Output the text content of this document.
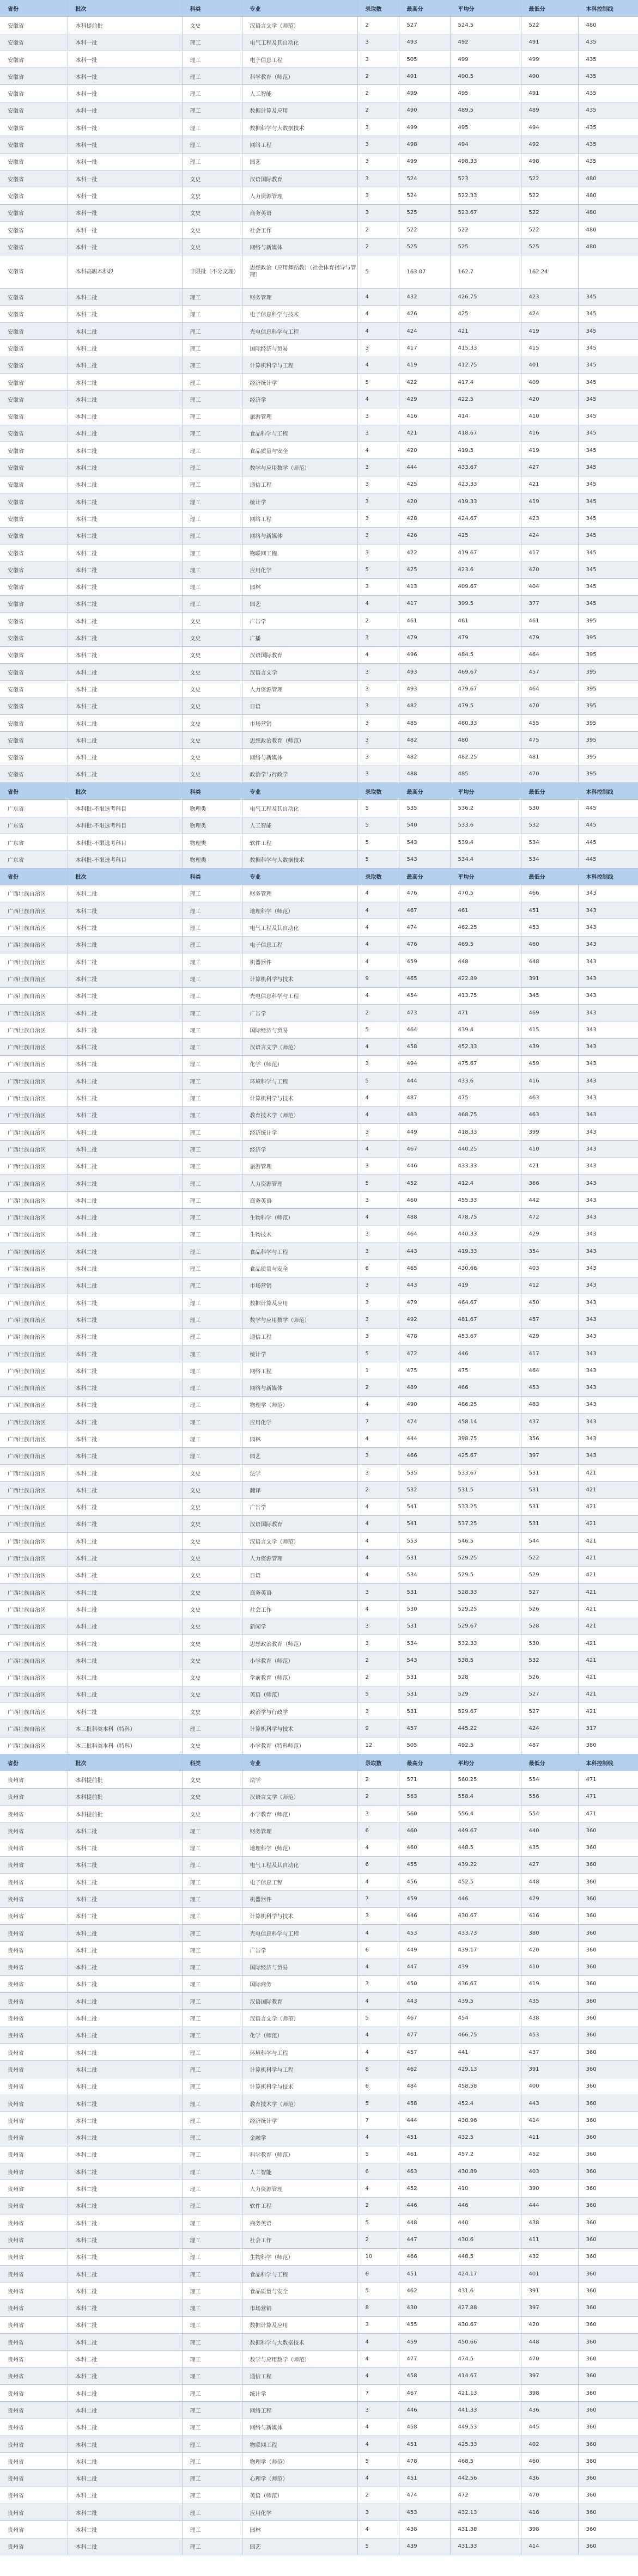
省份	批次	科类	专业	录取数	最高分	平均分	最低分	本科控制线
安徽省	本科提前批	文史	汉语言文学（师范）	2	527	524.5	522	480
安徽省	本科一批	理工	电气工程及其自动化	3	493	492	491	435
安徽省	本科一批	理工	电子信息工程	3	505	499	499	435
安徽省	本科一批	理工	科学教育（师范）	2	491	490.5	490	435
安徽省	本科一批	理工	人工智能	2	499	495	491	435
安徽省	本科一批	理工	数据计算及应用	2	490	489.5	489	435
安徽省	本科一批	理工	数据科学与大数据技术	3	499	495	494	435
安徽省	本科一批	理工	网络工程	3	498	494	492	435
安徽省	本科一批	理工	园艺	3	499	498.33	498	435
安徽省	本科一批	文史	汉语国际教育	3	524	523	522	480
安徽省	本科一批	文史	人力资源管理	3	524	522.33	522	480
安徽省	本科一批	文史	商务英语	3	525	523.67	522	480
安徽省	本科一批	文史	社会工作	2	522	522	522	480
安徽省	本科一批	文史	网络与新媒体	2	525	525	525	480
安徽省	本科高职本科段	非限批（不分文理）	思想政治（应用舞蹈教）（社会体育指导与管理）	5	163.07	162.7	162.24	
安徽省	本科二批	理工	财务管理	4	432	426.75	423	345
安徽省	本科二批	理工	电子信息科学与技术	4	426	425	424	345
安徽省	本科二批	理工	光电信息科学与工程	4	424	421	419	345
安徽省	本科二批	理工	国际经济与贸易	3	417	415.33	415	345
安徽省	本科二批	理工	计算机科学与工程	4	419	412.75	401	345
安徽省	本科二批	理工	经济统计学	5	422	417.4	409	345
安徽省	本科二批	理工	经济学	4	429	422.5	420	345
安徽省	本科二批	理工	旅游管理	3	416	414	410	345
安徽省	本科二批	理工	食品科学与工程	3	421	418.67	416	345
安徽省	本科二批	理工	食品质量与安全	4	420	419.5	419	345
安徽省	本科二批	理工	数学与应用数学（师范）	3	444	433.67	427	345
安徽省	本科二批	理工	通信工程	3	425	423.33	421	345
安徽省	本科二批	理工	统计学	3	420	419.33	419	345
安徽省	本科二批	理工	网络工程	3	428	424.67	423	345
安徽省	本科二批	理工	网络与新媒体	3	426	425	424	345
安徽省	本科二批	理工	物联网工程	3	422	419.67	417	345
安徽省	本科二批	理工	应用化学	5	425	423.6	420	345
安徽省	本科二批	理工	园林	3	413	409.67	404	345
安徽省	本科二批	理工	园艺	4	417	399.5	377	345
安徽省	本科二批	文史	广告学	2	461	461	461	395
安徽省	本科二批	文史	广播	3	479	479	479	395
安徽省	本科二批	文史	汉语国际教育	4	496	484.5	464	395
安徽省	本科二批	文史	汉语言文学	3	493	469.67	457	395
安徽省	本科二批	文史	人力资源管理	3	493	479.67	464	395
安徽省	本科二批	文史	日语	3	482	479.5	470	395
安徽省	本科二批	文史	市场营销	3	485	480.33	455	395
安徽省	本科二批	文史	思想政治教育（师范）	3	482	480	475	395
安徽省	本科二批	文史	网络与新媒体	3	482	482.25	481	395
安徽省	本科二批	文史	政治学与行政学	3	488	485	470	395
省份	批次	科类	专业	录取数	最高分	平均分	最低分	本科控制线
广东省	本科批-不限选考科目	物理类	电气工程及其自动化	5	535	536.2	530	445
广东省	本科批-不限选考科目	物理类	人工智能	5	540	533.6	532	445
广东省	本科批-不限选考科目	物理类	软件工程	5	543	539.4	534	445
广东省	本科批-不限选考科目	物理类	数据科学与大数据技术	5	543	534.4	534	445
省份	批次	科类	专业	录取数	最高分	平均分	最低分	本科控制线
广西壮族自治区	本科二批	理工	财务管理	4	476	470.5	466	343
广西壮族自治区	本科二批	理工	地理科学（师范）	4	467	461	451	343
广西壮族自治区	本科二批	理工	电气工程及其自动化	4	474	462.25	453	343
广西壮族自治区	本科二批	理工	电子信息工程	4	476	469.5	460	343
广西壮族自治区	本科二批	理工	机器器件	4	459	448	448	343
广西壮族自治区	本科二批	理工	计算机科学与技术	9	465	422.89	391	343
广西壮族自治区	本科二批	理工	光电信息科学与工程	4	454	413.75	345	343
广西壮族自治区	本科二批	理工	广告学	2	473	471	469	343
广西壮族自治区	本科二批	理工	国际经济与贸易	5	464	439.4	415	343
广西壮族自治区	本科二批	理工	汉语言文学（师范）	4	458	452.33	439	343
广西壮族自治区	本科二批	理工	化学（师范）	3	494	475.67	459	343
广西壮族自治区	本科二批	理工	环境科学与工程	5	444	433.6	416	343
广西壮族自治区	本科二批	理工	计算机科学与技术	4	487	475	463	343
广西壮族自治区	本科二批	理工	教育技术学（师范）	4	483	468.75	463	343
广西壮族自治区	本科二批	理工	经济统计学	3	449	418.33	399	343
广西壮族自治区	本科二批	理工	经济学	4	467	440.25	410	343
广西壮族自治区	本科二批	理工	旅游管理	3	446	433.33	421	343
广西壮族自治区	本科二批	理工	人力资源管理	5	452	412.4	366	343
广西壮族自治区	本科二批	理工	商务英语	3	460	455.33	442	343
广西壮族自治区	本科二批	理工	生物科学（师范）	4	488	478.75	472	343
广西壮族自治区	本科二批	理工	生物技术	3	464	440.33	429	343
广西壮族自治区	本科二批	理工	食品科学与工程	3	443	419.33	354	343
广西壮族自治区	本科二批	理工	食品质量与安全	6	465	430.66	403	343
广西壮族自治区	本科二批	理工	市场营销	3	443	419	412	343
广西壮族自治区	本科二批	理工	数据计算及应用	3	479	464.67	450	343
广西壮族自治区	本科二批	理工	数学与应用数学（师范）	3	492	481.67	457	343
广西壮族自治区	本科二批	理工	通信工程	3	478	453.67	429	343
广西壮族自治区	本科二批	理工	统计学	5	472	446	417	343
广西壮族自治区	本科二批	理工	网络工程	1	475	475	464	343
广西壮族自治区	本科二批	理工	网络与新媒体	2	489	466	453	343
广西壮族自治区	本科二批	理工	物理学（师范）	4	490	486.25	483	343
广西壮族自治区	本科二批	理工	应用化学	7	474	458.14	437	343
广西壮族自治区	本科二批	理工	园林	4	444	398.75	356	343
广西壮族自治区	本科二批	理工	园艺	3	466	425.67	397	343
广西壮族自治区	本科二批	文史	法学	3	535	533.67	531	421
广西壮族自治区	本科二批	文史	翻译	2	532	531.5	531	421
广西壮族自治区	本科二批	文史	广告学	4	541	533.25	531	421
广西壮族自治区	本科二批	文史	汉语国际教育	4	541	537.25	531	421
广西壮族自治区	本科二批	文史	汉语言文学（师范）	4	553	546.5	544	421
广西壮族自治区	本科二批	文史	人力资源管理	4	531	529.25	522	421
广西壮族自治区	本科二批	文史	日语	4	534	529.5	529	421
广西壮族自治区	本科二批	文史	商务英语	3	531	528.33	527	421
广西壮族自治区	本科二批	文史	社会工作	4	530	529.25	526	421
广西壮族自治区	本科二批	文史	新闻学	3	531	529.67	528	421
广西壮族自治区	本科二批	文史	思想政治教育（师范）	3	534	532.33	530	421
广西壮族自治区	本科二批	文史	小学教育（师范）	2	543	538.5	532	421
广西壮族自治区	本科二批	文史	学前教育（师范）	2	531	528	526	421
广西壮族自治区	本科二批	文史	英语（师范）	5	531	529	527	421
广西壮族自治区	本科二批	文史	政治学与行政学	3	531	529.67	527	421
广西壮族自治区	本三批科类本科（特科）	理工	计算机科学与技术	9	457	445.22	424	317
广西壮族自治区	本三批科类本科（特科）	文史	小学教育（特科师范）	12	505	492.5	487	380
省份	批次	科类	专业	录取数	最高分	平均分	最低分	本科控制线
贵州省	本科提前批	文史	法学	2	571	560.25	554	471
贵州省	本科提前批	文史	汉语言文学（师范）	2	563	558.4	556	471
贵州省	本科提前批	文史	小学教育（师范）	3	560	556.4	554	471
贵州省	本科二批	理工	财务管理	6	460	449.67	440	360
贵州省	本科二批	理工	地理科学（师范）	4	460	448.5	435	360
贵州省	本科二批	理工	电气工程及其自动化	6	455	439.22	427	360
贵州省	本科二批	理工	电子信息工程	4	456	452.5	448	360
贵州省	本科二批	理工	机器器件	7	459	446	429	360
贵州省	本科二批	理工	计算机科学与技术	3	446	430.67	416	360
贵州省	本科二批	理工	光电信息科学与工程	4	453	433.73	380	360
贵州省	本科二批	理工	广告学	6	449	439.17	420	360
贵州省	本科二批	理工	国际经济与贸易	4	447	439	410	360
贵州省	本科二批	理工	国际商务	3	450	436.67	419	360
贵州省	本科二批	理工	汉语国际教育	4	443	439.5	435	360
贵州省	本科二批	理工	汉语言文学（师范）	5	467	454	438	360
贵州省	本科二批	理工	化学（师范）	4	477	466.75	453	360
贵州省	本科二批	理工	环境科学与工程	4	457	441	437	360
贵州省	本科二批	理工	计算机科学与工程	8	462	429.13	391	360
贵州省	本科二批	理工	计算机科学与技术	6	484	458.58	400	360
贵州省	本科二批	理工	教育技术学（师范）	5	458	452.4	443	360
贵州省	本科二批	理工	经济统计学	7	444	438.96	414	360
贵州省	本科二批	理工	金融学	4	451	432.5	411	360
贵州省	本科二批	理工	科学教育（师范）	5	461	457.2	452	360
贵州省	本科二批	理工	人工智能	6	463	430.89	403	360
贵州省	本科二批	理工	人力资源管理	4	452	410	390	360
贵州省	本科二批	理工	软件工程	2	446	446	444	360
贵州省	本科二批	理工	商务英语	5	448	440	438	360
贵州省	本科二批	理工	社会工作	2	447	430.6	411	360
贵州省	本科二批	理工	生物科学（师范）	10	466	448.5	432	360
贵州省	本科二批	理工	食品科学与工程	6	451	424.17	401	360
贵州省	本科二批	理工	食品质量与安全	5	462	431.6	391	360
贵州省	本科二批	理工	市场营销	8	430	427.88	397	360
贵州省	本科二批	理工	数据计算及应用	3	455	430.67	420	360
贵州省	本科二批	理工	数据科学与大数据技术	4	459	450.66	448	360
贵州省	本科二批	理工	数学与应用数学（师范）	4	477	474.5	470	360
贵州省	本科二批	理工	通信工程	4	458	414.67	397	360
贵州省	本科二批	理工	统计学	7	467	421.13	398	360
贵州省	本科二批	理工	网络工程	3	446	441.33	436	360
贵州省	本科二批	理工	网络与新媒体	4	458	449.53	445	360
贵州省	本科二批	理工	物联网工程	4	451	425.33	402	360
贵州省	本科二批	理工	物理学（师范）	5	478	468.5	460	360
贵州省	本科二批	理工	心理学（师范）	4	451	442.56	436	360
贵州省	本科二批	理工	英语（师范）	2	474	472	470	360
贵州省	本科二批	理工	应用化学	3	453	432.13	416	360
贵州省	本科二批	理工	园林	4	438	431.38	398	360
贵州省	本科二批	理工	园艺	5	439	431.33	414	360
